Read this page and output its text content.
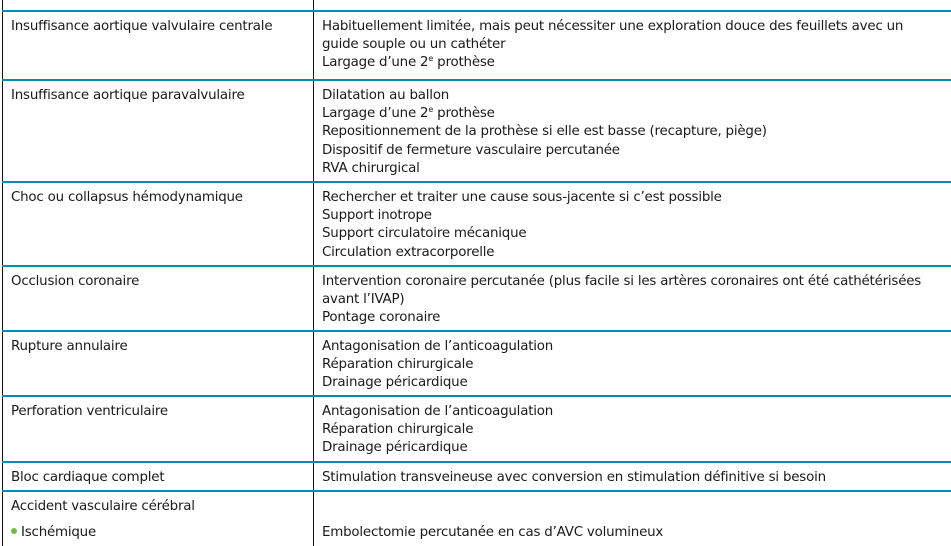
Insuffisance aortique valvulaire centrale	Habituellement limitée, mais peut nécessiter une exploration douce des feuillets avec un guide souple ou un cathéter
Largage d’une 2e prothèse

Insuffisance aortique paravalvulaire	Dilatation au ballon
Largage d’une 2e prothèse
Repositionnement de la prothèse si elle est basse (recapture, piège)
Dispositif de fermeture vasculaire percutanée
RVA chirurgical

Choc ou collapsus hémodynamique	Rechercher et traiter une cause sous-jacente si c’est possible
Support inotrope
Support circulatoire mécanique
Circulation extracorporelle

Occlusion coronaire	Intervention coronaire percutanée (plus facile si les artères coronaires ont été cathétérisées avant l’IVAP)
Pontage coronaire

Rupture annulaire	Antagonisation de l’anticoagulation
Réparation chirurgicale
Drainage péricardique

Perforation ventriculaire	Antagonisation de l’anticoagulation
Réparation chirurgicale
Drainage péricardique

Bloc cardiaque complet	Stimulation transveineuse avec conversion en stimulation définitive si besoin

Accident vasculaire cérébral
Ischémique	Embolectomie percutanée en cas d’AVC volumineux
